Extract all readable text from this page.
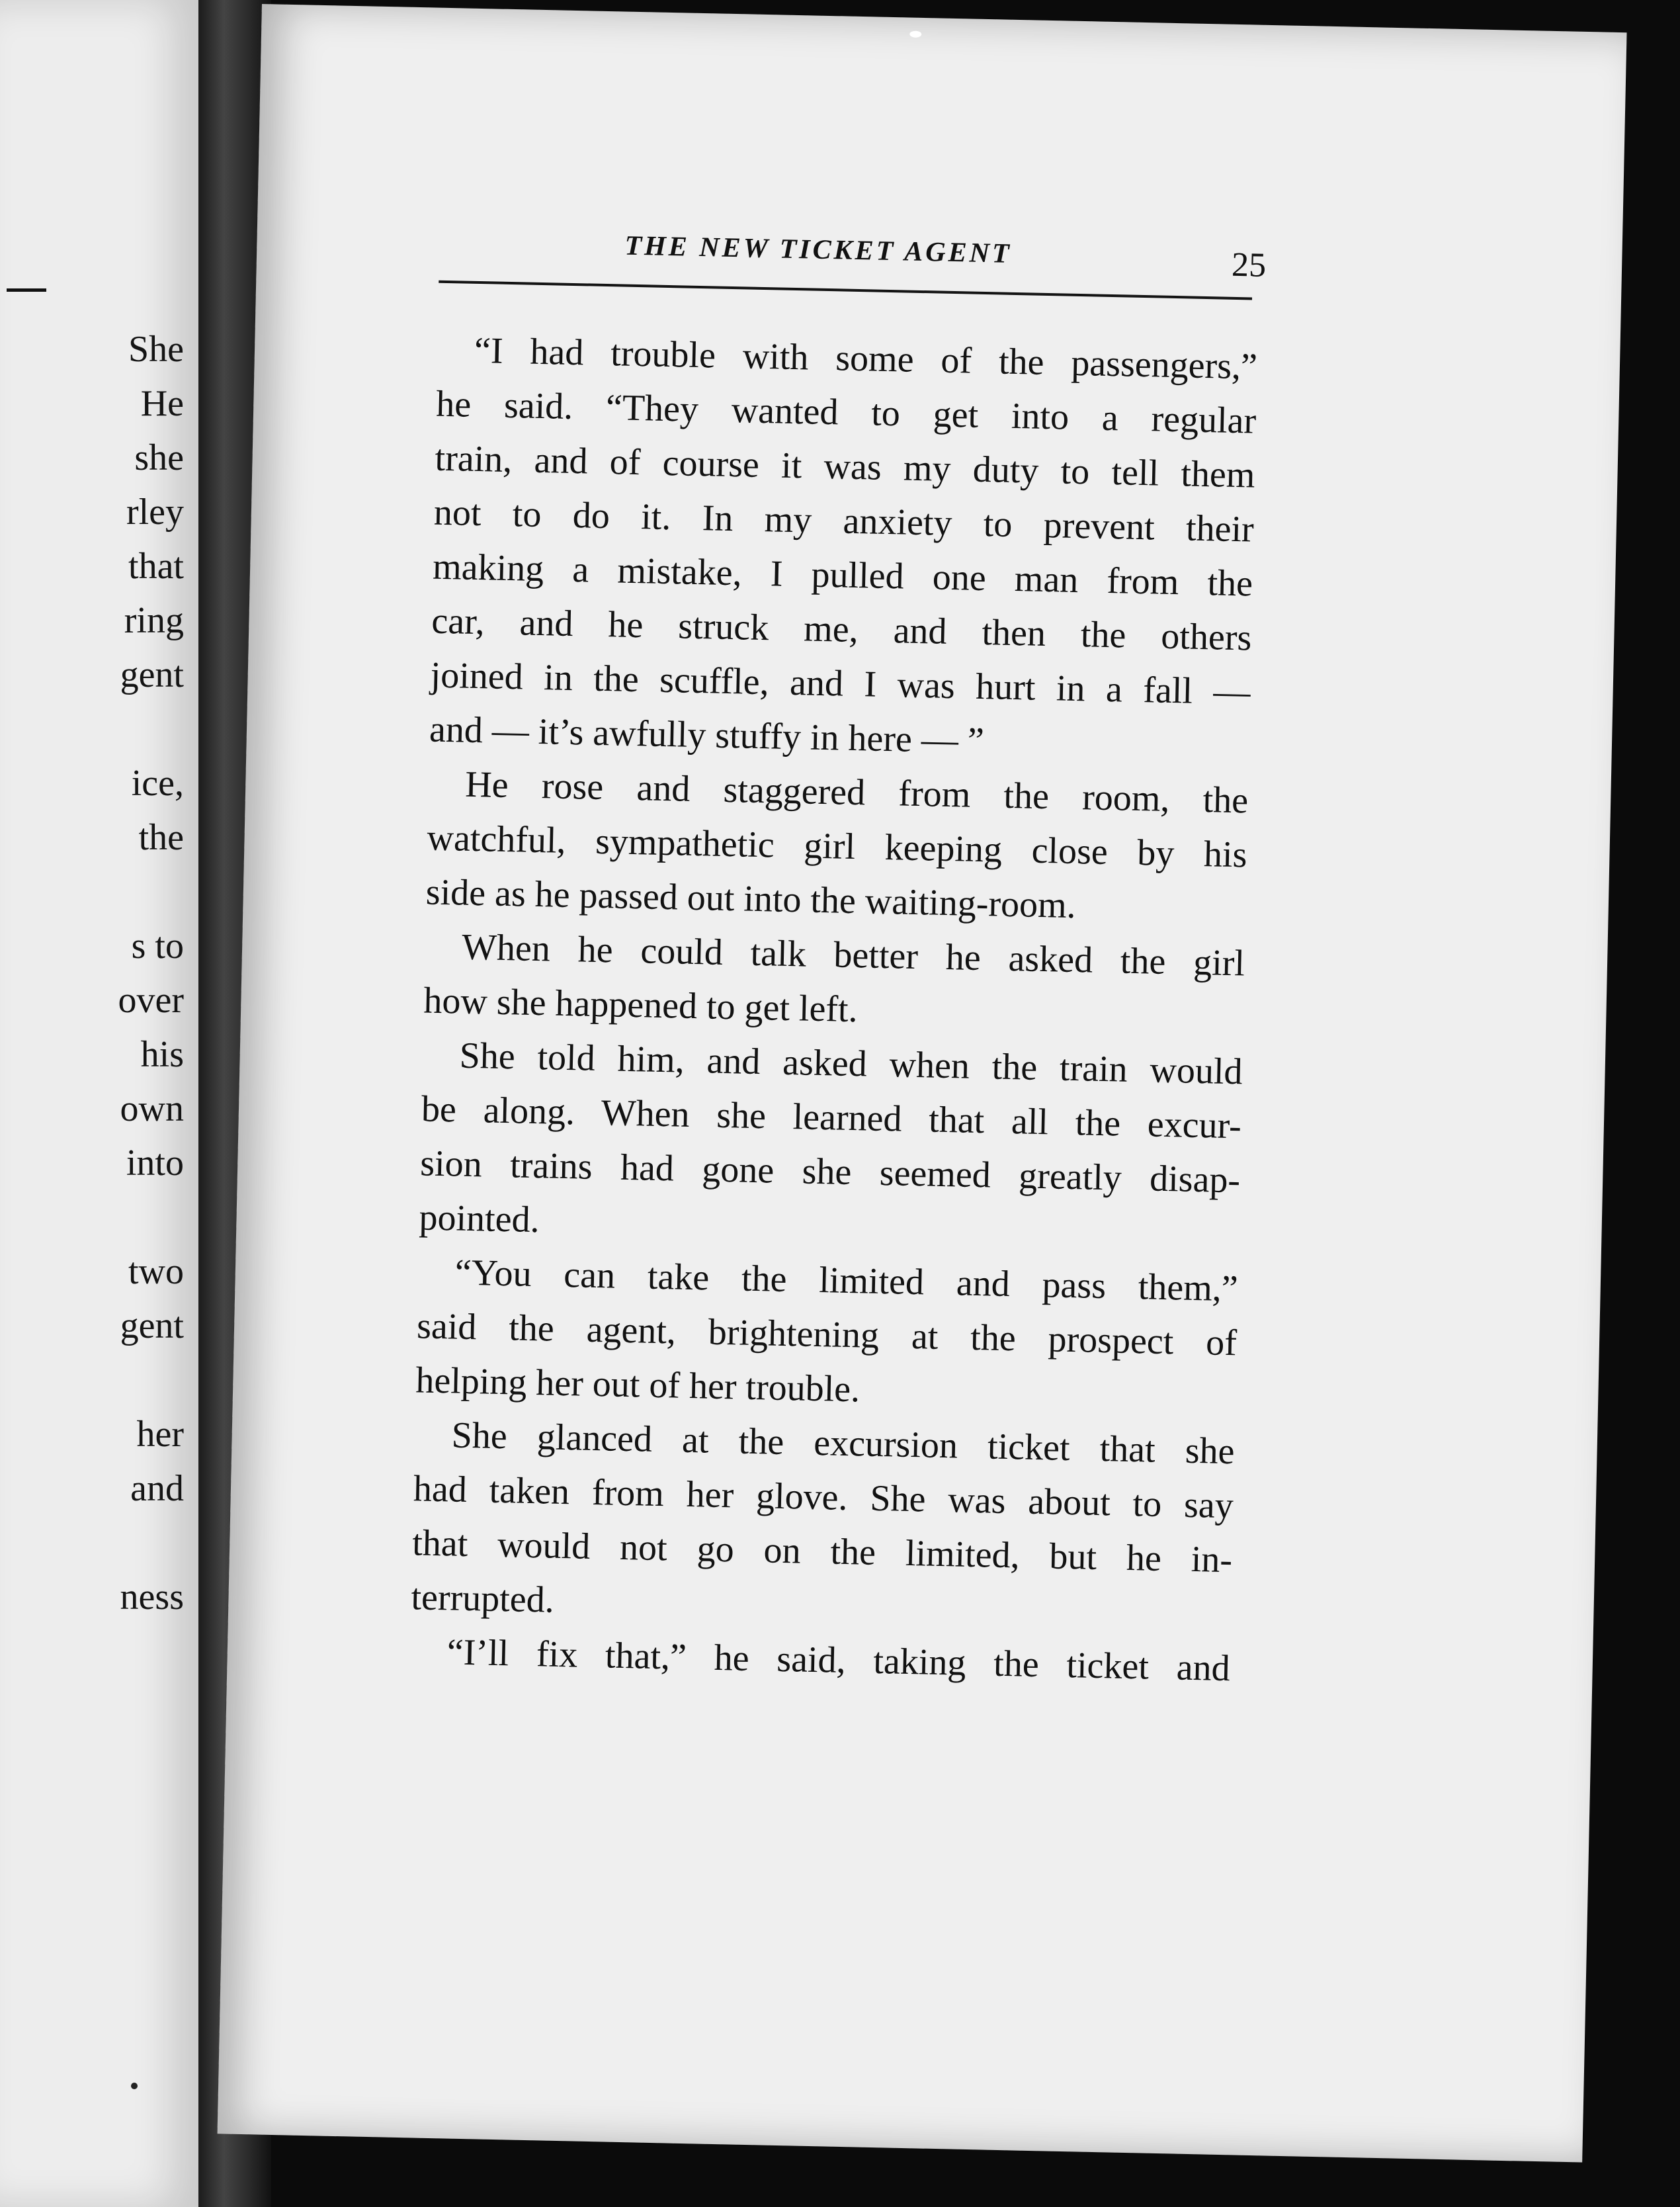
She
He
she
rley
that
ring
gent
ice,
the
s to
over
his
own
into
two
gent
her
and
ness
THE NEW TICKET AGENT	25
“I had trouble with some of the passengers,”
he said. “They wanted to get into a regular
train, and of course it was my duty to tell them
not to do it. In my anxiety to prevent their
making a mistake, I pulled one man from the
car, and he struck me, and then the others
joined in the scuffle, and I was hurt in a fall —
and — it’s awfully stuffy in here — ”
He rose and staggered from the room, the
watchful, sympathetic girl keeping close by his
side as he passed out into the waiting-room.
When he could talk better he asked the girl
how she happened to get left.
She told him, and asked when the train would
be along. When she learned that all the excur-
sion trains had gone she seemed greatly disap-
pointed.
“You can take the limited and pass them,”
said the agent, brightening at the prospect of
helping her out of her trouble.
She glanced at the excursion ticket that she
had taken from her glove. She was about to say
that would not go on the limited, but he in-
terrupted.
“I’ll fix that,” he said, taking the ticket and
